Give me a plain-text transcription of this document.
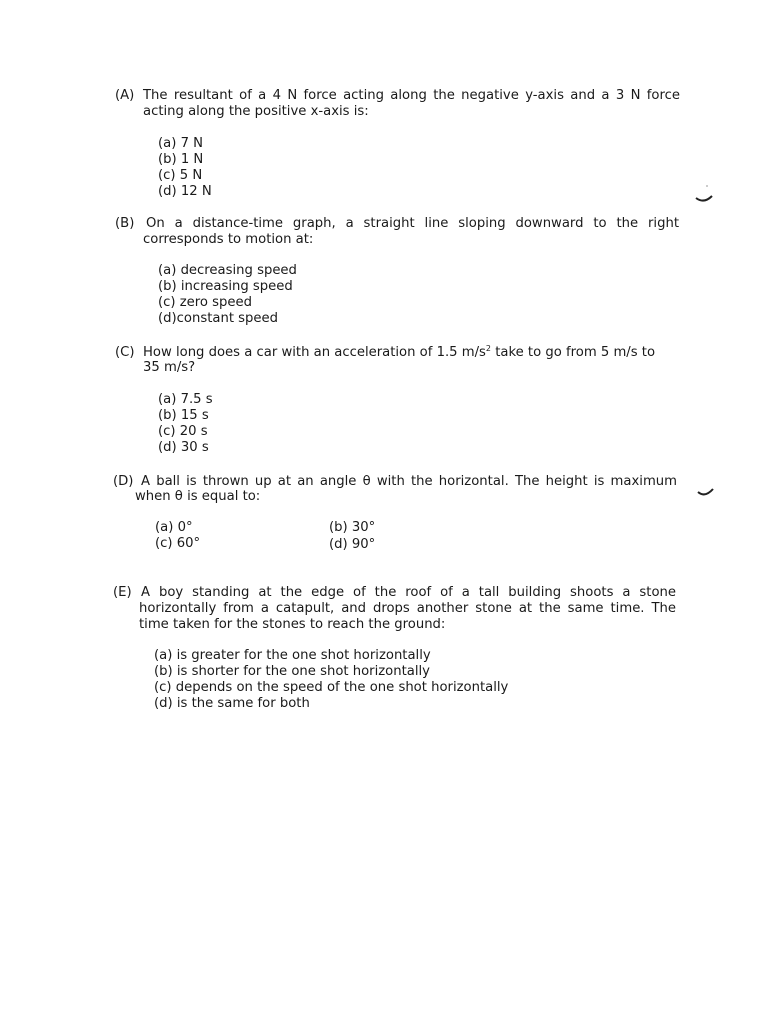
(A) The resultant of a 4 N force acting along the negative y-axis and a 3 N force
acting along the positive x-axis is:
(a) 7 N
(b) 1 N
(c) 5 N
(d) 12 N
(B) On a distance-time graph, a straight line sloping downward to the right
corresponds to motion at:
(a) decreasing speed
(b) increasing speed
(c) zero speed
(d)constant speed
(C) How long does a car with an acceleration of 1.5 $m/s^2$ take to go from 5 m/s to
35 m/s?
(a) 7.5 s
(b) 15 s
(c) 20 s
(d) 30 s
(D) A ball is thrown up at an angle θ with the horizontal. The height is maximum
when θ is equal to:
(a) 0°	(b) 30°
(c) 60°	(d) 90°
(E) A boy standing at the edge of the roof of a tall building shoots a stone
horizontally from a catapult, and drops another stone at the same time. The
time taken for the stones to reach the ground:
(a) is greater for the one shot horizontally
(b) is shorter for the one shot horizontally
(c) depends on the speed of the one shot horizontally
(d) is the same for both
